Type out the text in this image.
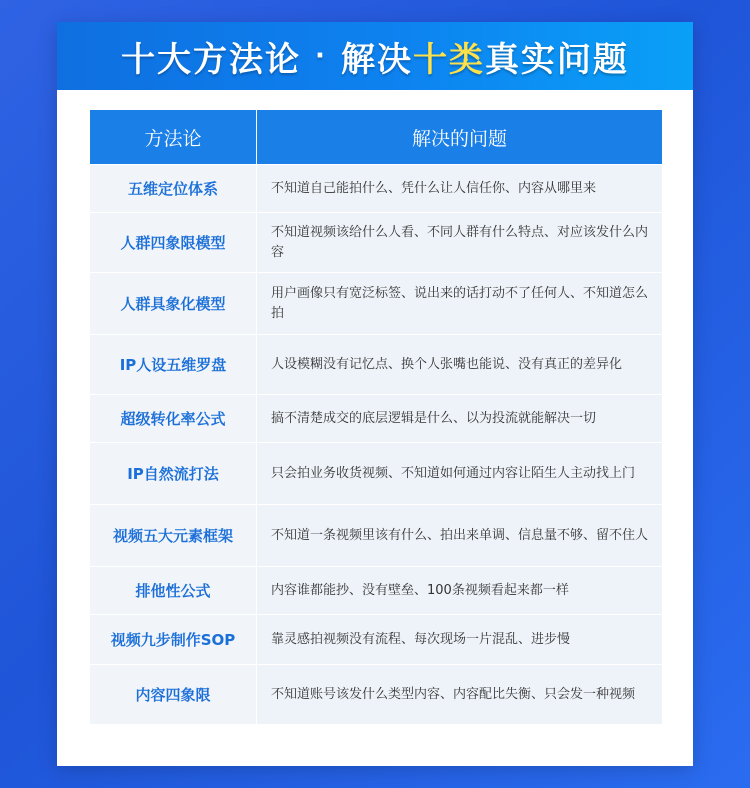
十大方法论 · 解决 十类 真实问题
方法论	解决的问题
五维定位体系	不知道自己能拍什么、凭什么让人信任你、内容从哪里来
人群四象限模型	不知道视频该给什么人看、不同人群有什么特点、对应该发什么内容
人群具象化模型	用户画像只有宽泛标签、说出来的话打动不了任何人、不知道怎么拍
IP人设五维罗盘	人设模糊没有记忆点、换个人张嘴也能说、没有真正的差异化
超级转化率公式	搞不清楚成交的底层逻辑是什么、以为投流就能解决一切
IP自然流打法	只会拍业务收货视频、不知道如何通过内容让陌生人主动找上门
视频五大元素框架	不知道一条视频里该有什么、拍出来单调、信息量不够、留不住人
排他性公式	内容谁都能抄、没有壁垒、100条视频看起来都一样
视频九步制作SOP	靠灵感拍视频没有流程、每次现场一片混乱、进步慢
内容四象限	不知道账号该发什么类型内容、内容配比失衡、只会发一种视频
